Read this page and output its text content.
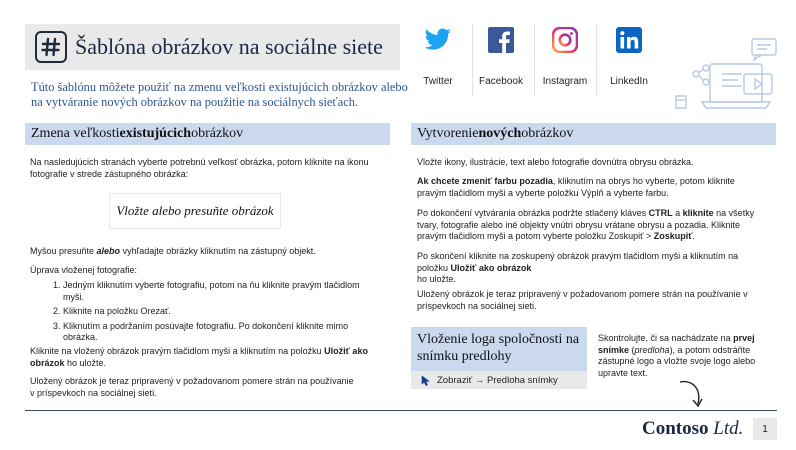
Šablóna obrázkov na sociálne siete
Túto šablónu môžete použiť na zmenu veľkosti existujúcich obrázkov alebo na vytváranie nových obrázkov na použitie na sociálnych sieťach.
Twitter	Facebook Instagram LinkedIn
Zmena veľkosti existujúcich obrázkov
Na nasledujúcich stranách vyberte potrebnú veľkosť obrázka, potom kliknite na ikonu fotografie v strede zástupného obrázka:
Vložte alebo presuňte obrázok
Myšou presuňte alebo vyhľadajte obrázky kliknutím na zástupný objekt.
Úprava vloženej fotografie:
1. Jedným kliknutím vyberte fotografiu, potom na ňu kliknite pravým tlačidlom myši.
2. Kliknite na položku Orezať.
3. Kliknutím a podržaním posúvajte fotografiu. Po dokončení kliknite mimo obrázka.
Kliknite na vložený obrázok pravým tlačidlom myši a kliknutím na položku Uložiť ako obrázok ho uložte.
Uložený obrázok je teraz pripravený v požadovanom pomere strán na používanie v príspevkoch na sociálnej sieti.
Vytvorenie nových obrázkov
Vložte ikony, ilustrácie, text alebo fotografie dovnútra obrysu obrázka.
Ak chcete zmeniť farbu pozadia, kliknutím na obrys ho vyberte, potom kliknite pravým tlačidlom myši a vyberte položku Výplň a vyberte farbu.
Po dokončení vytvárania obrázka podržte stlačený kláves CTRL a kliknite na všetky tvary, fotografie alebo iné objekty vnútri obrysu vrátane obrysu a pozadia. Kliknite pravým tlačidlom myši a potom vyberte položku Zoskupiť > Zoskupiť.
Po skončení kliknite na zoskupený obrázok pravým tlačidlom myši a kliknutím na položku Uložiť ako obrázok
ho uložte.
Uložený obrázok je teraz pripravený v požadovanom pomere strán na používanie v príspevkoch na sociálnej sieti.
Vloženie loga spoločnosti na snímku predlohy
Zobraziť → Predloha snímky
Skontrolujte, či sa nachádzate na prvej snímke (predloha), a potom odstráňte zástupné logo a vložte svoje logo alebo upravte text.
Contoso Ltd.	1
